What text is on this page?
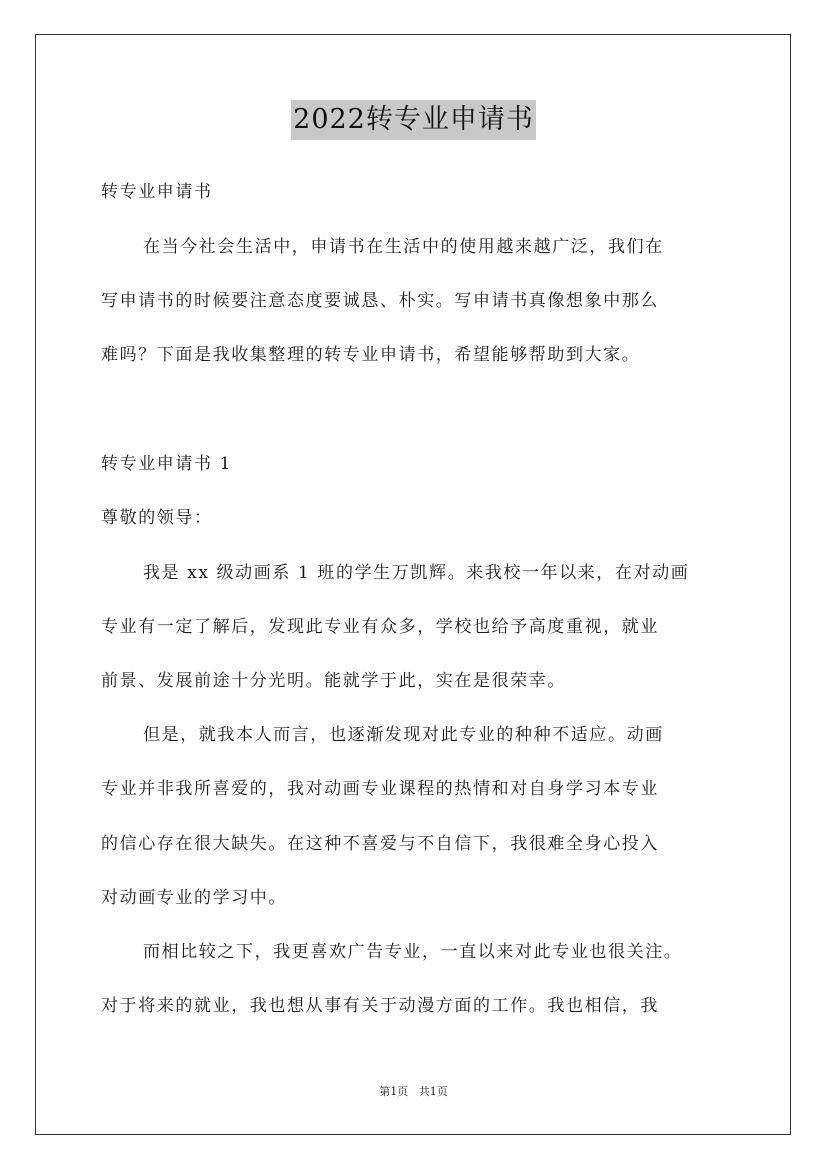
2022转专业申请书
转专业申请书
在当今社会生活中，申请书在生活中的使用越来越广泛，我们在
写申请书的时候要注意态度要诚恳、朴实。写申请书真像想象中那么
难吗？下面是我收集整理的转专业申请书，希望能够帮助到大家。
转专业申请书 1
尊敬的领导：
我是 xx 级动画系 1 班的学生万凯辉。来我校一年以来，在对动画
专业有一定了解后，发现此专业有众多，学校也给予高度重视，就业
前景、发展前途十分光明。能就学于此，实在是很荣幸。
但是，就我本人而言，也逐渐发现对此专业的种种不适应。动画
专业并非我所喜爱的，我对动画专业课程的热情和对自身学习本专业
的信心存在很大缺失。在这种不喜爱与不自信下，我很难全身心投入
对动画专业的学习中。
而相比较之下，我更喜欢广告专业，一直以来对此专业也很关注。
对于将来的就业，我也想从事有关于动漫方面的工作。我也相信，我
第1页   共1页
